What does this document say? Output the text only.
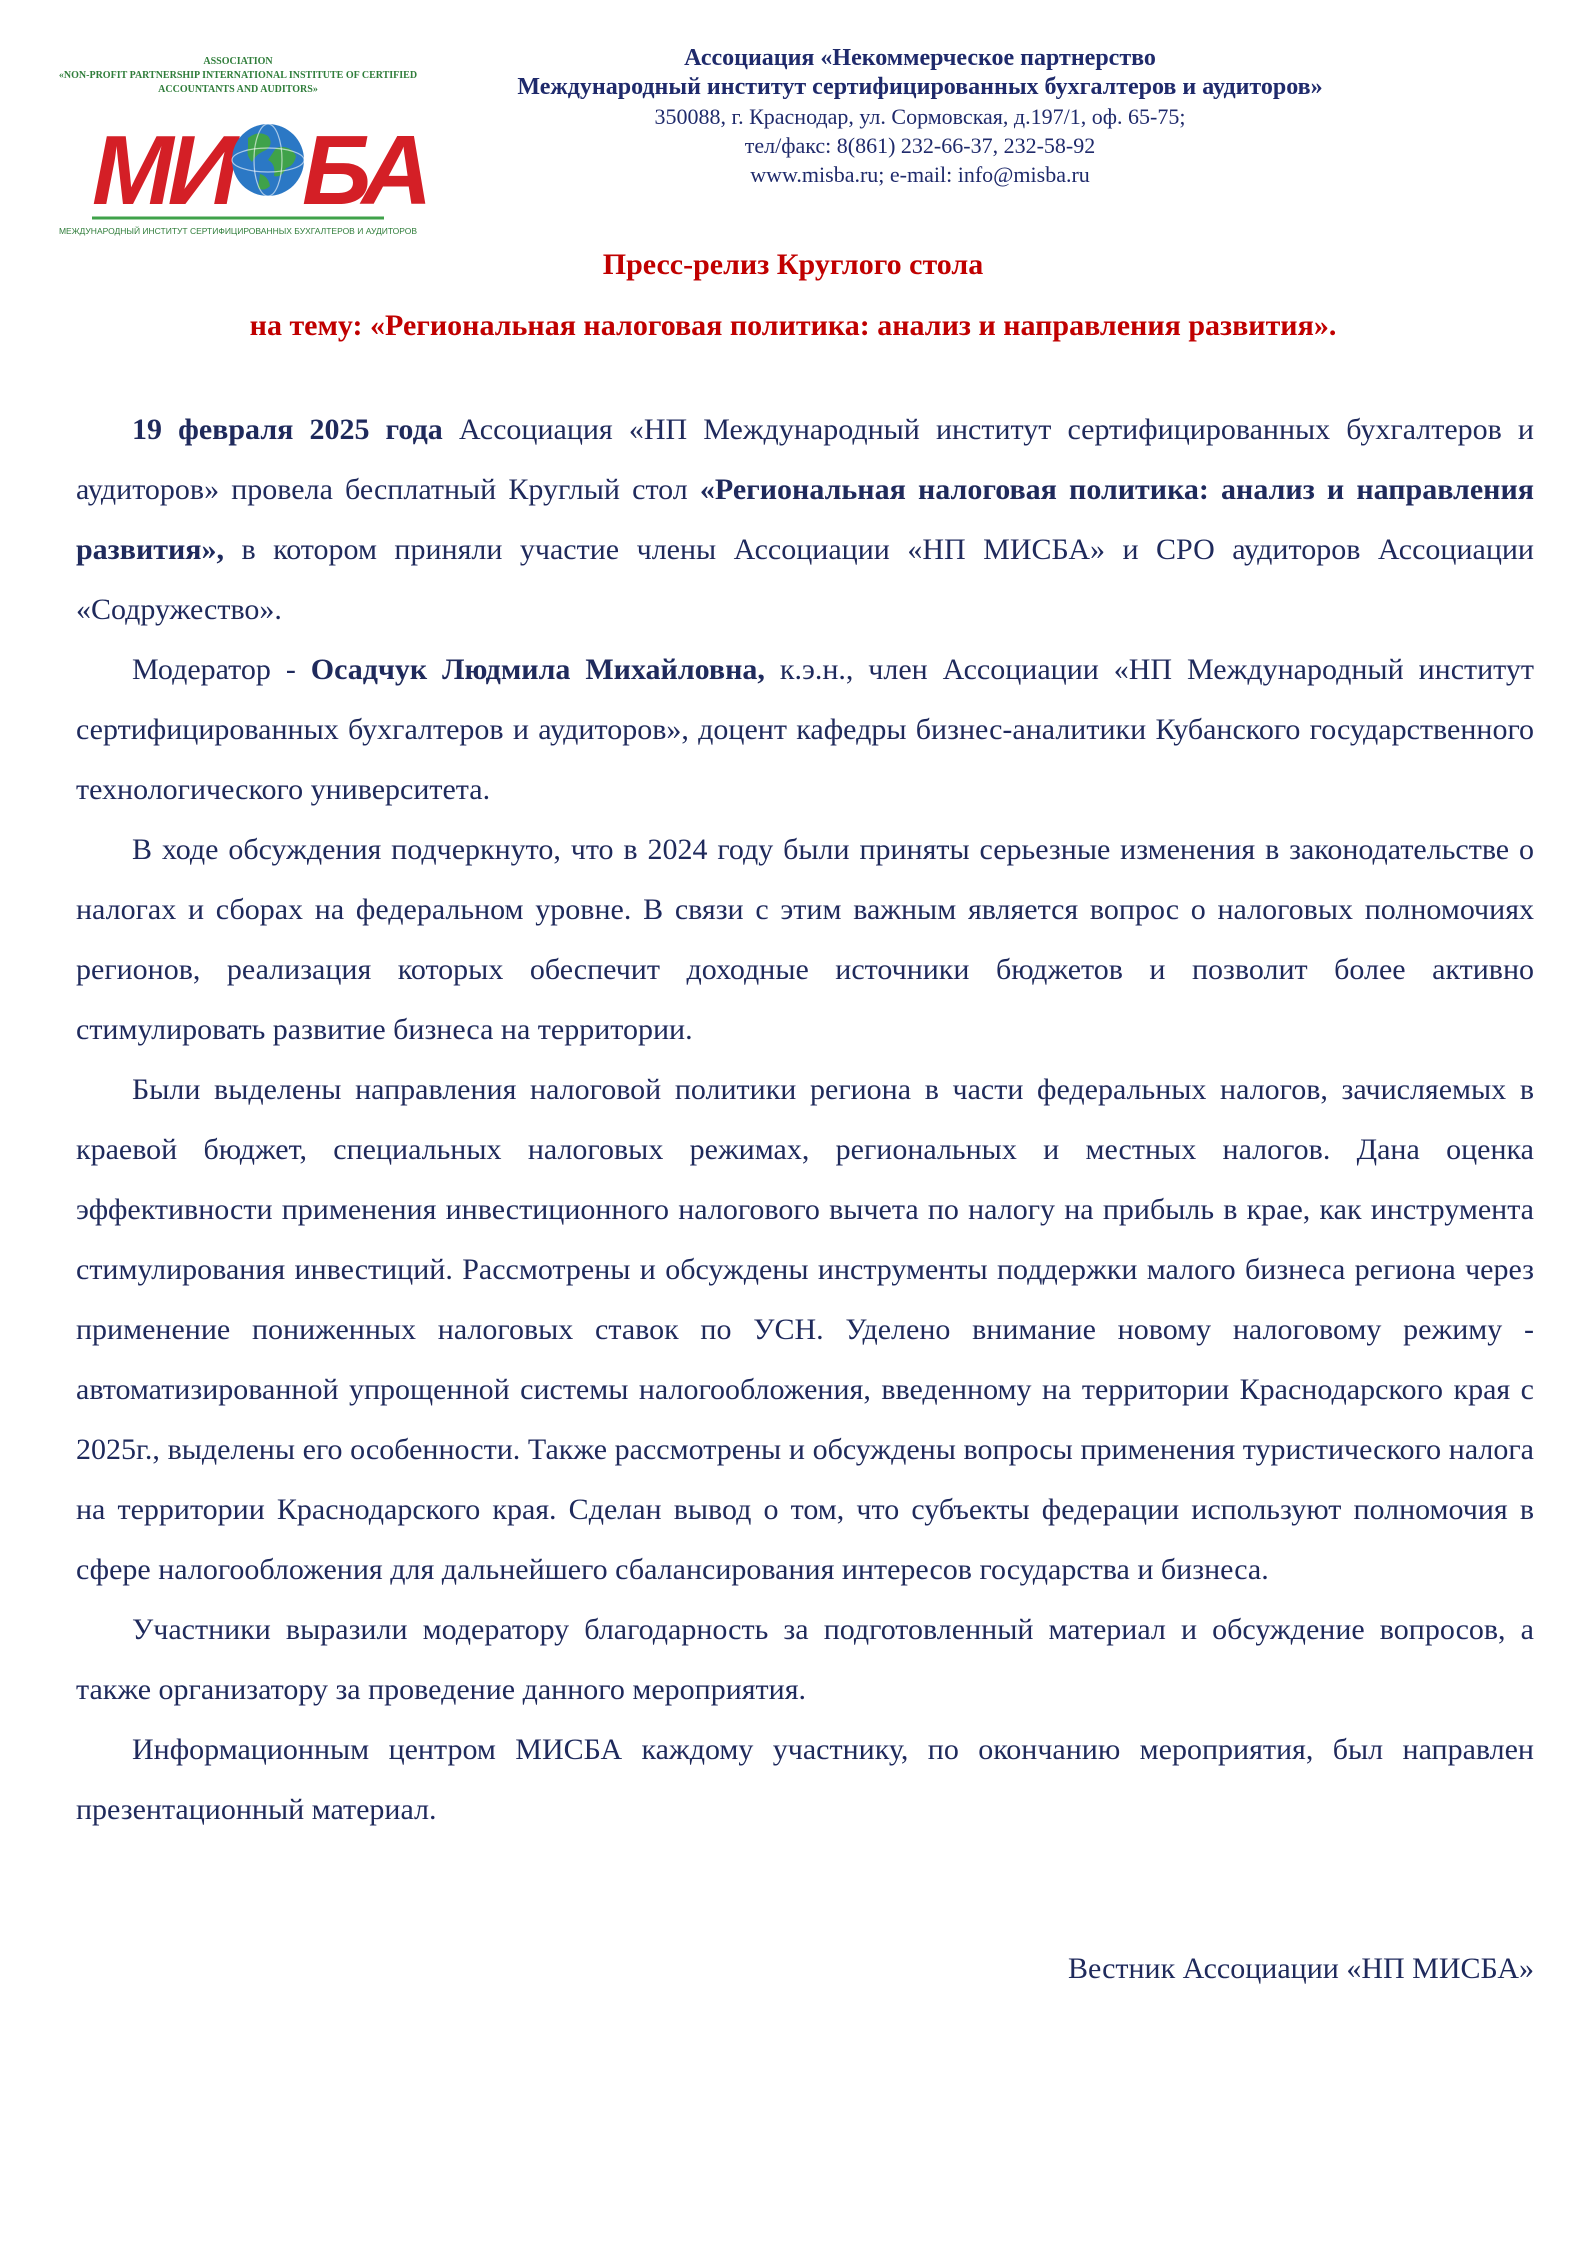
ASSOCIATION
«NON-PROFIT PARTNERSHIP INTERNATIONAL INSTITUTE OF CERTIFIED
ACCOUNTANTS AND AUDITORS»
МИ БА
МЕЖДУНАРОДНЫЙ ИНСТИТУТ СЕРТИФИЦИРОВАННЫХ БУХГАЛТЕРОВ И АУДИТОРОВ
Ассоциация «Некоммерческое партнерство
Международный институт сертифицированных бухгалтеров и аудиторов»
350088, г. Краснодар, ул. Сормовская, д.197/1, оф. 65-75;
тел/факс: 8(861) 232-66-37, 232-58-92
www.misba.ru; e-mail: info@misba.ru
Пресс-релиз Круглого стола
на тему: «Региональная налоговая политика: анализ и направления развития».

19 февраля 2025 года Ассоциация «НП Международный институт сертифицированных бухгалтеров и аудиторов» провела бесплатный Круглый стол «Региональная налоговая политика: анализ и направления развития», в котором приняли участие члены Ассоциации «НП МИСБА» и СРО аудиторов Ассоциации «Содружество».

Модератор - Осадчук Людмила Михайловна, к.э.н., член Ассоциации «НП Международный институт сертифицированных бухгалтеров и аудиторов», доцент кафедры бизнес-аналитики Кубанского государственного технологического университета.

В ходе обсуждения подчеркнуто, что в 2024 году были приняты серьезные изменения в законодательстве о налогах и сборах на федеральном уровне. В связи с этим важным является вопрос о налоговых полномочиях регионов, реализация которых обеспечит доходные источники бюджетов и позволит более активно стимулировать развитие бизнеса на территории.

Были выделены направления налоговой политики региона в части федеральных налогов, зачисляемых в краевой бюджет, специальных налоговых режимах, региональных и местных налогов. Дана оценка эффективности применения инвестиционного налогового вычета по налогу на прибыль в крае, как инструмента стимулирования инвестиций. Рассмотрены и обсуждены инструменты поддержки малого бизнеса региона через применение пониженных налоговых ставок по УСН. Уделено внимание новому налоговому режиму - автоматизированной упрощенной системы налогообложения, введенному на территории Краснодарского края с 2025г., выделены его особенности. Также рассмотрены и обсуждены вопросы применения туристического налога на территории Краснодарского края. Сделан вывод о том, что субъекты федерации используют полномочия в сфере налогообложения для дальнейшего сбалансирования интересов государства и бизнеса.

Участники выразили модератору благодарность за подготовленный материал и обсуждение вопросов, а также организатору за проведение данного мероприятия.

Информационным центром МИСБА каждому участнику, по окончанию мероприятия, был направлен презентационный материал.

Вестник Ассоциации «НП МИСБА»
